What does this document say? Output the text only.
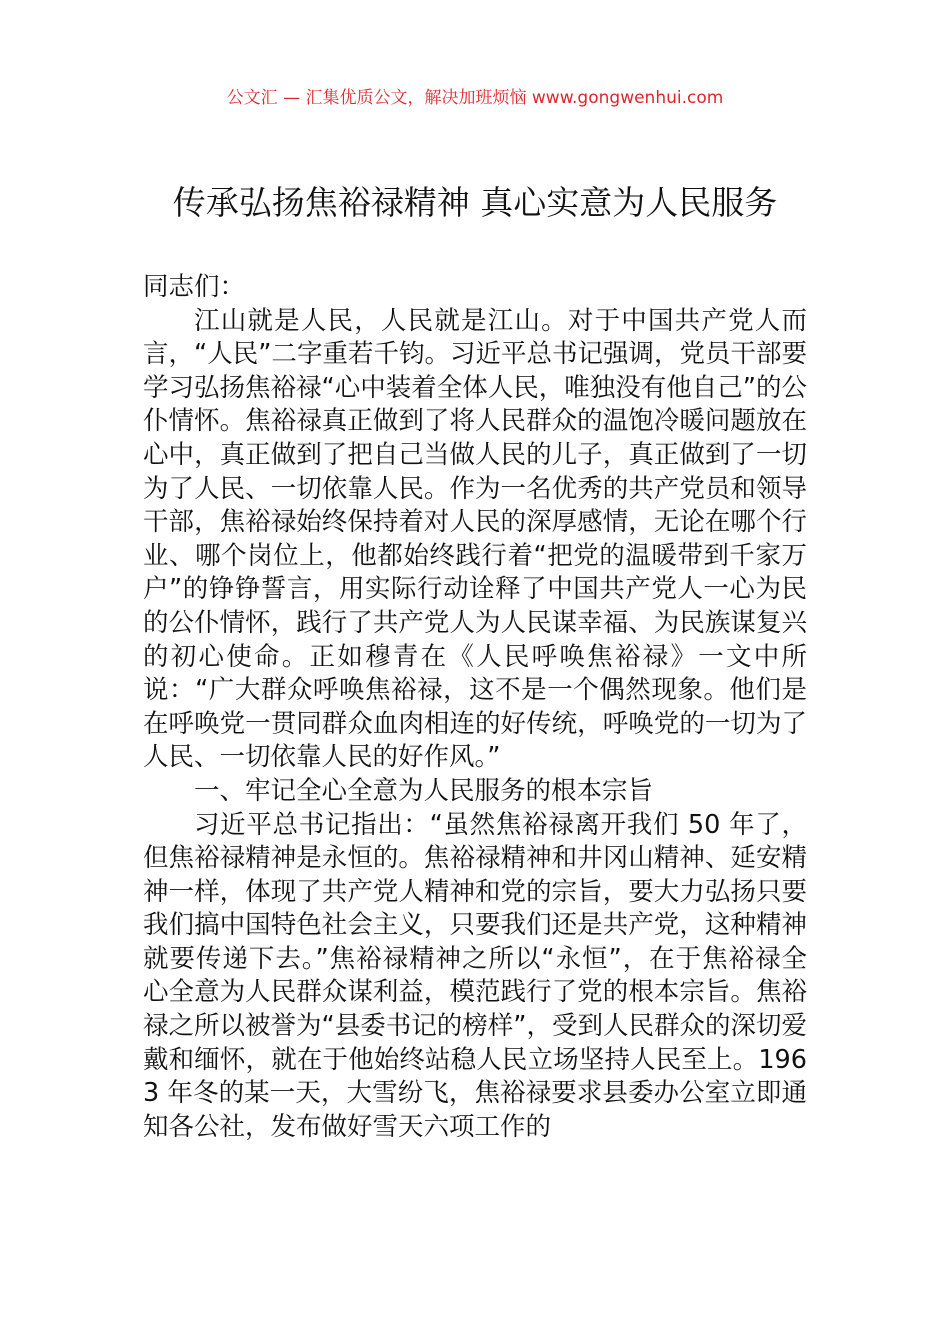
公文汇 — 汇集优质公文，解决加班烦恼 www.gongwenhui.com
传承弘扬焦裕禄精神 真心实意为人民服务

同志们：

江山就是人民，人民就是江山。对于中国共产党人而言，“人民”二字重若千钧。习近平总书记强调，党员干部要学习弘扬焦裕禄“心中装着全体人民，唯独没有他自己”的公仆情怀。焦裕禄真正做到了将人民群众的温饱冷暖问题放在心中，真正做到了把自己当做人民的儿子，真正做到了一切为了人民、一切依靠人民。作为一名优秀的共产党员和领导干部，焦裕禄始终保持着对人民的深厚感情，无论在哪个行业、哪个岗位上，他都始终践行着“把党的温暖带到千家万户”的铮铮誓言，用实际行动诠释了中国共产党人一心为民的公仆情怀，践行了共产党人为人民谋幸福、为民族谋复兴的初心使命。正如穆青在《人民呼唤焦裕禄》一文中所说：“广大群众呼唤焦裕禄，这不是一个偶然现象。他们是在呼唤党一贯同群众血肉相连的好传统，呼唤党的一切为了人民、一切依靠人民的好作风。”

一、牢记全心全意为人民服务的根本宗旨

习近平总书记指出：“虽然焦裕禄离开我们 50 年了，但焦裕禄精神是永恒的。焦裕禄精神和井冈山精神、延安精神一样，体现了共产党人精神和党的宗旨，要大力弘扬只要我们搞中国特色社会主义，只要我们还是共产党，这种精神就要传递下去。”焦裕禄精神之所以“永恒”，在于焦裕禄全心全意为人民群众谋利益，模范践行了党的根本宗旨。焦裕禄之所以被誉为“县委书记的榜样”，受到人民群众的深切爱戴和缅怀，就在于他始终站稳人民立场坚持人民至上。1963 年冬的某一天，大雪纷飞，焦裕禄要求县委办公室立即通知各公社，发布做好雪天六项工作的
